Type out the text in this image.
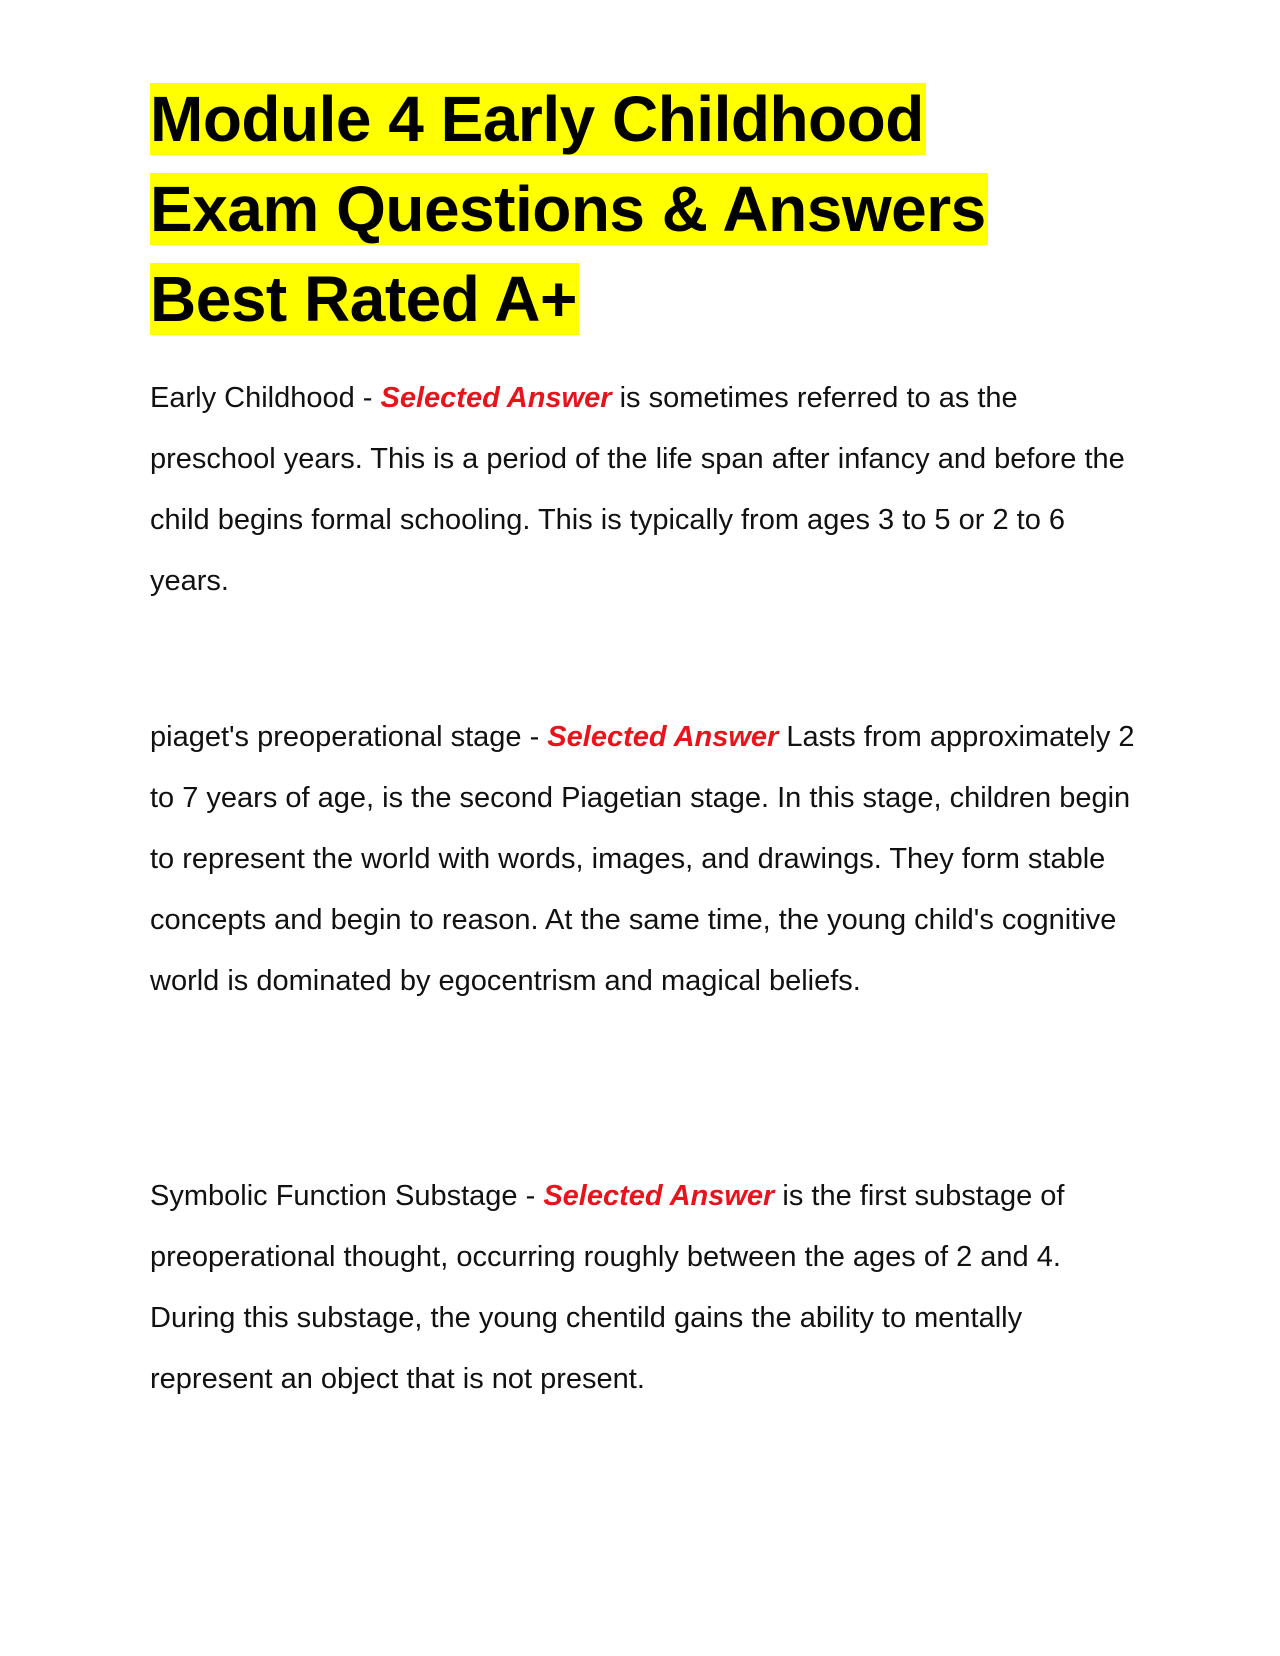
Module 4 Early Childhood
Exam Questions & Answers
Best Rated A+

Early Childhood - Selected Answer is sometimes referred to as the preschool years. This is a period of the life span after infancy and before the child begins formal schooling. This is typically from ages 3 to 5 or 2 to 6 years.

piaget's preoperational stage - Selected Answer Lasts from approximately 2 to 7 years of age, is the second Piagetian stage. In this stage, children begin to represent the world with words, images, and drawings. They form stable concepts and begin to reason. At the same time, the young child's cognitive world is dominated by egocentrism and magical beliefs.

Symbolic Function Substage - Selected Answer is the first substage of preoperational thought, occurring roughly between the ages of 2 and 4. During this substage, the young chentild gains the ability to mentally represent an object that is not present.
